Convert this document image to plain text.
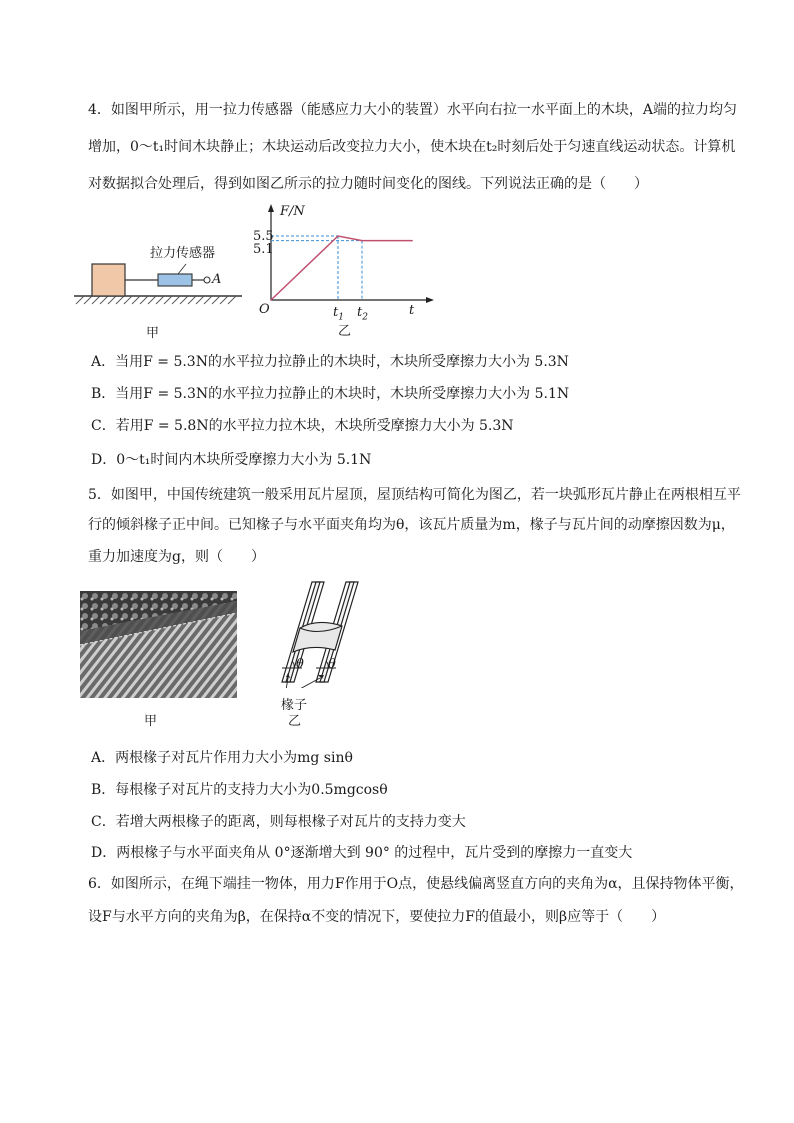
4．如图甲所示，用一拉力传感器（能感应力大小的装置）水平向右拉一水平面上的木块，A端的拉力均匀
增加，0～t₁时间木块静止；木块运动后改变拉力大小，使木块在t₂时刻后处于匀速直线运动状态。计算机
对数据拟合处理后，得到如图乙所示的拉力随时间变化的图线。下列说法正确的是（　　）
拉力传感器
A
甲
F/N
5.5
5.1
O	$t_1$ $t_2$	t
乙
A．当用F = 5.3N的水平拉力拉静止的木块时，木块所受摩擦力大小为 5.3N
B．当用F = 5.3N的水平拉力拉静止的木块时，木块所受摩擦力大小为 5.1N
C．若用F = 5.8N的水平拉力拉木块，木块所受摩擦力大小为 5.3N
D．0～t₁时间内木块所受摩擦力大小为 5.1N
5．如图甲，中国传统建筑一般采用瓦片屋顶，屋顶结构可简化为图乙，若一块弧形瓦片静止在两根相互平
行的倾斜椽子正中间。已知椽子与水平面夹角均为θ，该瓦片质量为m，椽子与瓦片间的动摩擦因数为μ，
重力加速度为g，则（　　）
甲
θ θ
椽子
乙
A．两根椽子对瓦片作用力大小为mg sinθ
B．每根椽子对瓦片的支持力大小为0.5mgcosθ
C．若增大两根椽子的距离，则每根椽子对瓦片的支持力变大
D．两根椽子与水平面夹角从 0°逐渐增大到 90° 的过程中，瓦片受到的摩擦力一直变大
6．如图所示，在绳下端挂一物体，用力F作用于O点，使悬线偏离竖直方向的夹角为α，且保持物体平衡，
设F与水平方向的夹角为β，在保持α不变的情况下，要使拉力F的值最小，则β应等于（　　）
